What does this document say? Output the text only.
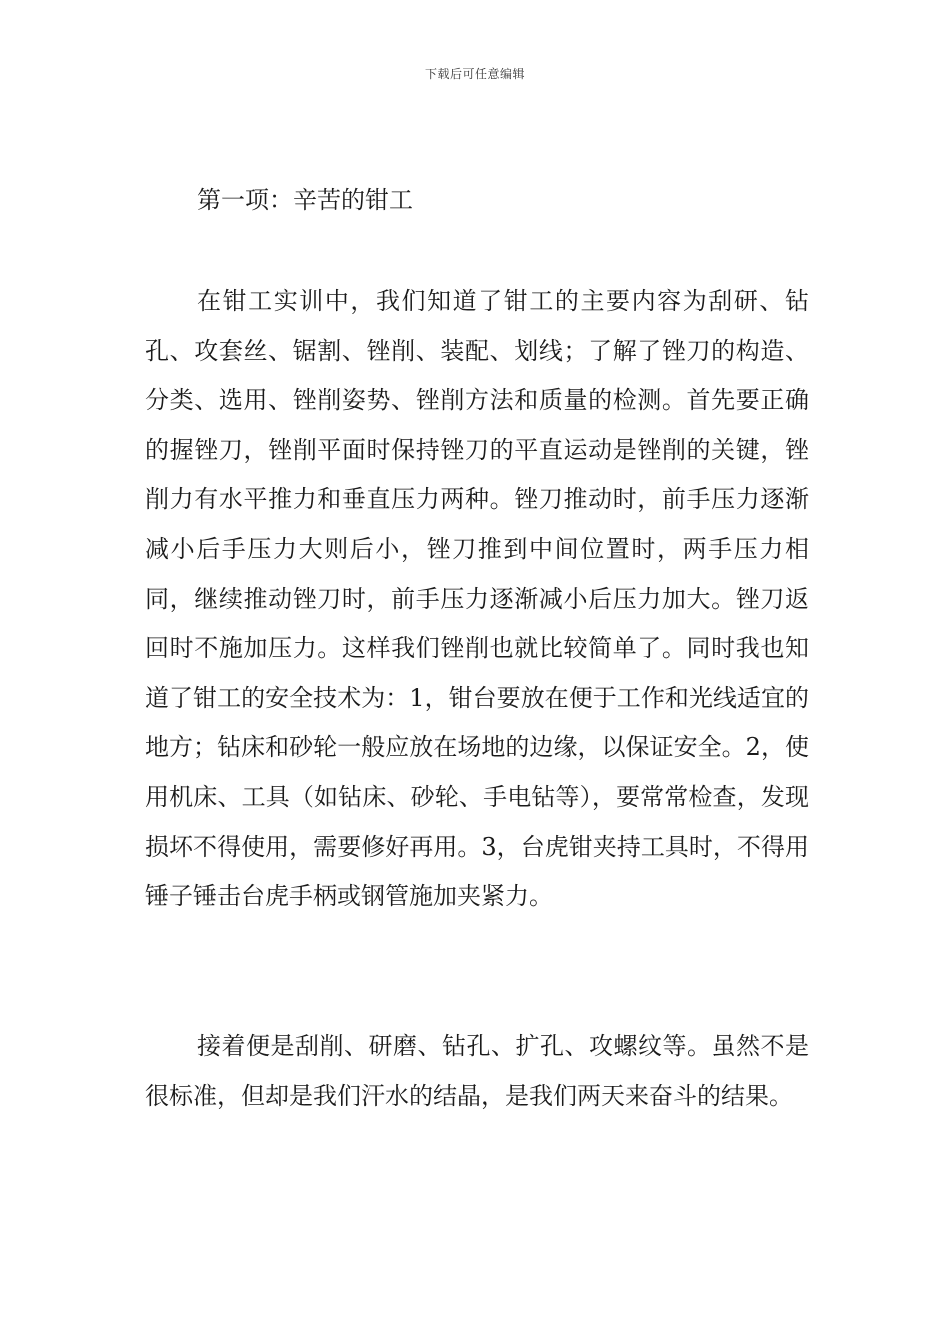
下载后可任意编辑
第一项：辛苦的钳工

在钳工实训中，我们知道了钳工的主要内容为刮研、钻孔、攻套丝、锯割、锉削、装配、划线；了解了锉刀的构造、分类、选用、锉削姿势、锉削方法和质量的检测。首先要正确的握锉刀，锉削平面时保持锉刀的平直运动是锉削的关键，锉削力有水平推力和垂直压力两种。锉刀推动时，前手压力逐渐减小后手压力大则后小，锉刀推到中间位置时，两手压力相同，继续推动锉刀时，前手压力逐渐减小后压力加大。锉刀返回时不施加压力。这样我们锉削也就比较简单了。同时我也知道了钳工的安全技术为：1，钳台要放在便于工作和光线适宜的地方；钻床和砂轮一般应放在场地的边缘，以保证安全。2，使用机床、工具（如钻床、砂轮、手电钻等），要常常检查，发现损坏不得使用，需要修好再用。3，台虎钳夹持工具时，不得用锤子锤击台虎手柄或钢管施加夹紧力。

接着便是刮削、研磨、钻孔、扩孔、攻螺纹等。虽然不是很标准，但却是我们汗水的结晶，是我们两天来奋斗的结果。
